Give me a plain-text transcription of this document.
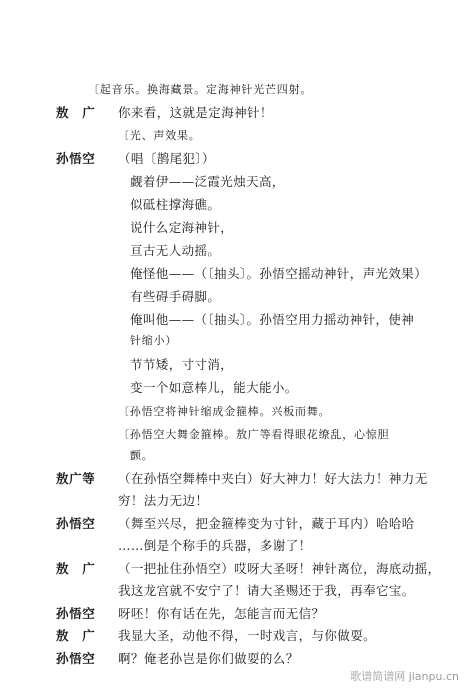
〔起音乐。换海藏景。定海神针光芒四射。
敖　广 你来看，这就是定海神针！
〔光、声效果。
孙悟空 （唱〔鹊尾犯〕）
觑着伊——泛霞光烛天高，
似砥柱撑海礁。
说什么定海神针，
亘古无人动摇。
俺怪他——（〔抽头〕。孙悟空摇动神针，声光效果）
有些碍手碍脚。
俺叫他——（〔抽头〕。孙悟空用力摇动神针，使神
针缩小）
节节矮，寸寸消，
变一个如意棒儿，能大能小。
〔孙悟空将神针缩成金箍棒。兴板而舞。
〔孙悟空大舞金箍棒。敖广等看得眼花缭乱，心惊胆
颤。
敖广等 （在孙悟空舞棒中夹白）好大神力！好大法力！神力无
穷！法力无边！
孙悟空 （舞至兴尽，把金箍棒变为寸针，藏于耳内）哈哈哈
……倒是个称手的兵器，多谢了！
敖　广 （一把扯住孙悟空）哎呀大圣呀！神针离位，海底动摇，
我这龙宫就不安宁了！请大圣赐还于我，再奉它宝。
孙悟空 呀呸！你有话在先，怎能言而无信？
敖　广 我显大圣，动他不得，一时戏言，与你做耍。
孙悟空 啊？俺老孙岂是你们做耍的么？
歌谱简谱网 jianpu.cn
